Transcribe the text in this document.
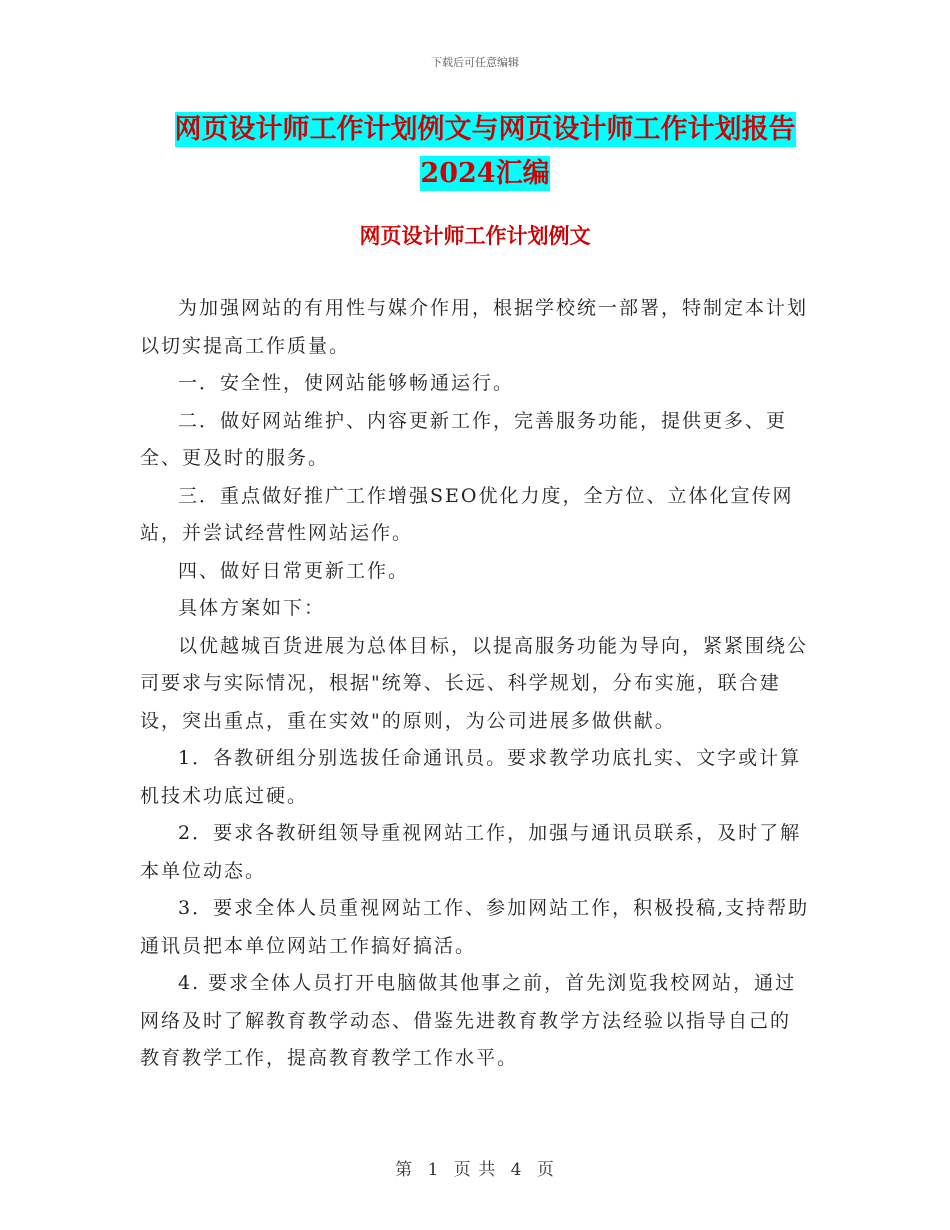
下载后可任意编辑
网页设计师工作计划例文与网页设计师工作计划报告
2024汇编
网页设计师工作计划例文

为加强网站的有用性与媒介作用，根据学校统一部署，特制定本计划以切实提高工作质量。

一．安全性，使网站能够畅通运行。

二．做好网站维护、内容更新工作，完善服务功能，提供更多、更全、更及时的服务。

三．重点做好推广工作增强SEO优化力度，全方位、立体化宣传网站，并尝试经营性网站运作。

四、做好日常更新工作。

具体方案如下：

以优越城百货进展为总体目标，以提高服务功能为导向，紧紧围绕公司要求与实际情况，根据"统筹、长远、科学规划，分布实施，联合建设，突出重点，重在实效"的原则，为公司进展多做供献。

1．各教研组分别选拔任命通讯员。要求教学功底扎实、文字或计算机技术功底过硬。

2．要求各教研组领导重视网站工作，加强与通讯员联系，及时了解本单位动态。

3．要求全体人员重视网站工作、参加网站工作，积极投稿,支持帮助通讯员把本单位网站工作搞好搞活。

4. 要求全体人员打开电脑做其他事之前，首先浏览我校网站，通过网络及时了解教育教学动态、借鉴先进教育教学方法经验以指导自己的教育教学工作，提高教育教学工作水平。

第 1 页 共 4 页
